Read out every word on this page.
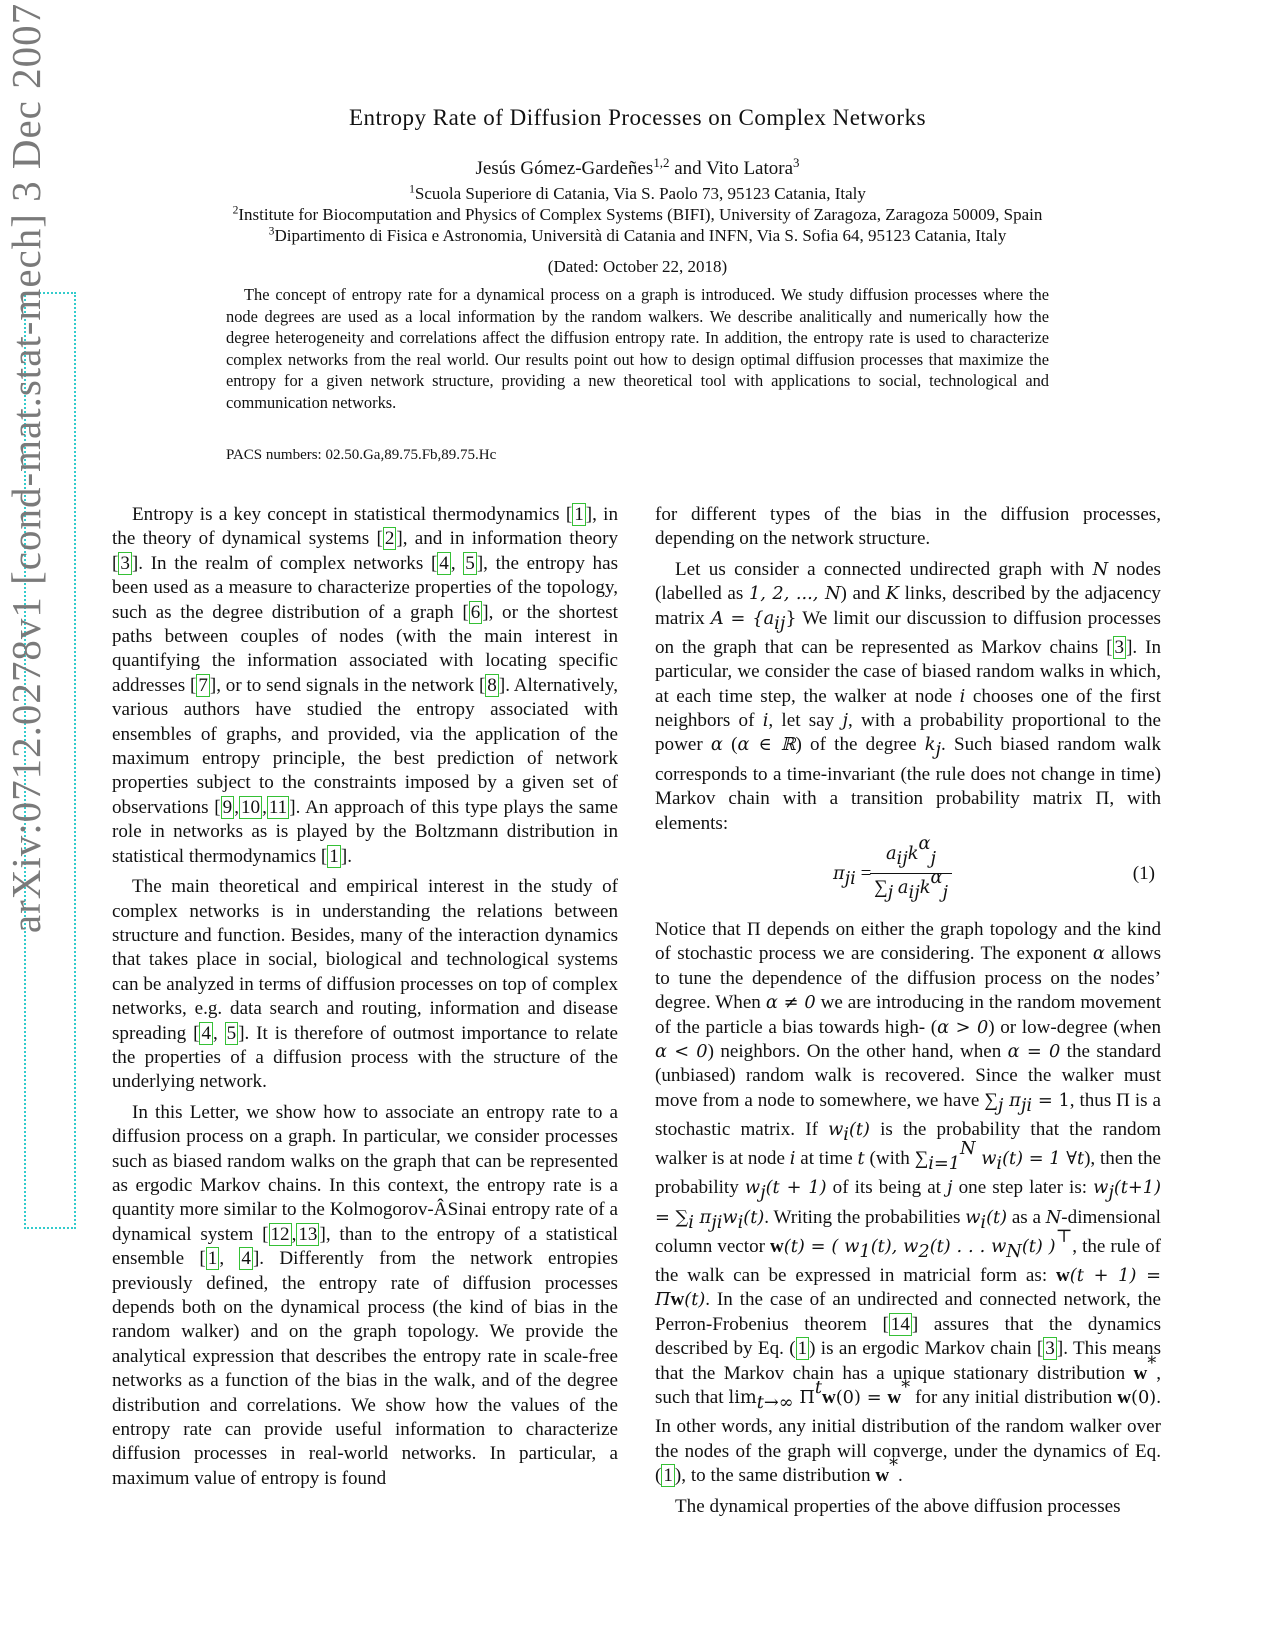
arXiv:0712.0278v1 [cond-mat.stat-mech] 3 Dec 2007	Entropy Rate of Diffusion Processes on Complex Networks
Jesús Gómez-Gardeñes$^{1,2}$ and Vito Latora$^3$
$^1$Scuola Superiore di Catania, Via S. Paolo 73, 95123 Catania, Italy
$^2$Institute for Biocomputation and Physics of Complex Systems (BIFI), University of Zaragoza, Zaragoza 50009, Spain
$^3$Dipartimento di Fisica e Astronomia, Università di Catania and INFN, Via S. Sofia 64, 95123 Catania, Italy
(Dated: October 22, 2018)

The concept of entropy rate for a dynamical process on a graph is introduced. We study diffusion processes where the node degrees are used as a local information by the random walkers. We describe analitically and numerically how the degree heterogeneity and correlations affect the diffusion entropy rate. In addition, the entropy rate is used to characterize complex networks from the real world. Our results point out how to design optimal diffusion processes that maximize the entropy for a given network structure, providing a new theoretical tool with applications to social, technological and communication networks.

PACS numbers: 02.50.Ga,89.75.Fb,89.75.Hc

Entropy is a key concept in statistical thermodynamics [ 1 ], in the theory of dynamical systems [ 2 ], and in information theory [ 3 ]. In the realm of complex networks [ 4 , 5 ], the entropy has been used as a measure to characterize properties of the topology, such as the degree distribution of a graph [ 6 ], or the shortest paths between couples of nodes (with the main interest in quantifying the information associated with locating specific addresses [ 7 ], or to send signals in the network [ 8 ]. Alternatively, various authors have studied the entropy associated with ensembles of graphs, and provided, via the application of the maximum entropy principle, the best prediction of network properties subject to the constraints imposed by a given set of observations [ 9 , 10 , 11 ]. An approach of this type plays the same role in networks as is played by the Boltzmann distribution in statistical thermodynamics [ 1 ].

The main theoretical and empirical interest in the study of complex networks is in understanding the relations between structure and function. Besides, many of the interaction dynamics that takes place in social, biological and technological systems can be analyzed in terms of diffusion processes on top of complex networks, e.g. data search and routing, information and disease spreading [ 4 , 5 ]. It is therefore of outmost importance to relate the properties of a diffusion process with the structure of the underlying network.

In this Letter, we show how to associate an entropy rate to a diffusion process on a graph. In particular, we consider processes such as biased random walks on the graph that can be represented as ergodic Markov chains. In this context, the entropy rate is a quantity more similar to the Kolmogorov-ÂSinai entropy rate of a dynamical system [ 12 , 13 ], than to the entropy of a statistical ensemble [ 1 , 4 ]. Differently from the network entropies previously defined, the entropy rate of diffusion processes depends both on the dynamical process (the kind of bias in the random walker) and on the graph topology. We provide the analytical expression that describes the entropy rate in scale-free networks as a function of the bias in the walk, and of the degree distribution and correlations. We show how the values of the entropy rate can provide useful information to characterize diffusion processes in real-world networks. In particular, a maximum value of entropy is found

for different types of the bias in the diffusion processes, depending on the network structure.

Let us consider a connected undirected graph with N nodes (labelled as 1, 2, ..., N) and K links, described by the adjacency matrix $A = \{a_{ij}\}$ We limit our discussion to diffusion processes on the graph that can be represented as Markov chains [ 3 ]. In particular, we consider the case of biased random walks in which, at each time step, the walker at node i chooses one of the first neighbors of i, let say j, with a probability proportional to the power α (α ∈ ℝ) of the degree $k_j$. Such biased random walk corresponds to a time-invariant (the rule does not change in time) Markov chain with a transition probability matrix Π, with elements:

$\pi_{ji}$ =
$a_{ij}k^\alpha_j$
$\sum_j$ $a_{ij}k^\alpha_j$
(1)

Notice that Π depends on either the graph topology and the kind of stochastic process we are considering. The exponent α allows to tune the dependence of the diffusion process on the nodes’ degree. When α ≠ 0 we are introducing in the random movement of the particle a bias towards high- (α > 0) or low-degree (when α < 0) neighbors. On the other hand, when α = 0 the standard (unbiased) random walk is recovered. Since the walker must move from a node to somewhere, we have $\sum_j$ $\pi_{ji} = 1$, thus Π is a stochastic matrix. If $w_i(t)$ is the probability that the random walker is at node i at time t (with $\sum_{i=1}^N$ $w_i(t) = 1$ ∀t), then the probability $w_j(t + 1)$ of its being at j one step later is: $w_j(t+1) = \sum_i$ $\pi_{ji}w_i(t)$. Writing the probabilities $w_i(t)$ as a N-dimensional column vector w(t) = ( $w_1(t)$, $w_2(t)$ . . . $w_N(t)$ )⊤, the rule of the walk can be expressed in matricial form as: w(t + 1) = Πw(t). In the case of an undirected and connected network, the Perron-Frobenius theorem [ 14 ] assures that the dynamics described by Eq. ( 1 ) is an ergodic Markov chain [ 3 ]. This means that the Markov chain has a unique stationary distribution w*, such that $\lim_{t\to\infty} \Pi^tw(0) = w^*$ for any initial distribution w(0). In other words, any initial distribution of the random walker over the nodes of the graph will converge, under the dynamics of Eq. ( 1 ), to the same distribution w*.

The dynamical properties of the above diffusion processes
